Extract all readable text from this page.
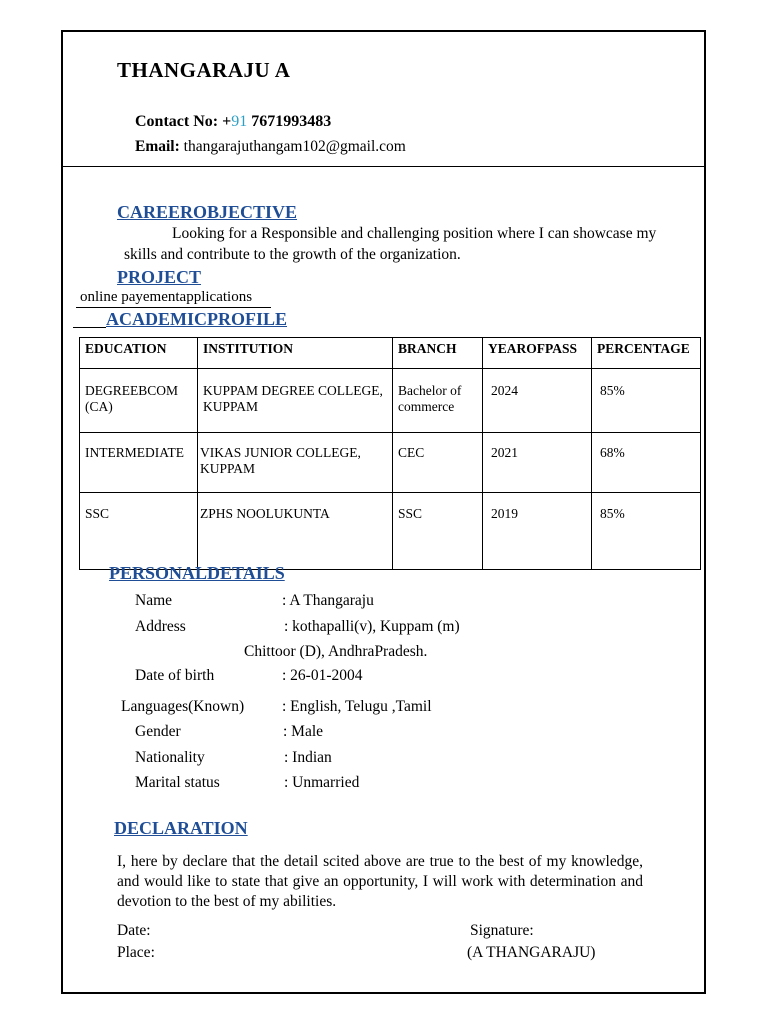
THANGARAJU A
Contact No: +91 7671993483
Email: thangarajuthangam102@gmail.com
CAREEROBJECTIVE
Looking for a Responsible and challenging position where I can showcase my skills and contribute to the growth of the organization.
PROJECT
online payementapplications
ACADEMICPROFILE
EDUCATION	INSTITUTION	BRANCH	YEAROFPASS	PERCENTAGE
DEGREEBCOM (CA)	KUPPAM DEGREE COLLEGE, KUPPAM	Bachelor of commerce	2024	85%
INTERMEDIATE	VIKAS JUNIOR COLLEGE, KUPPAM	CEC	2021	68%
SSC	ZPHS NOOLUKUNTA	SSC	2019	85%
PERSONALDETAILS
Name	: A Thangaraju
Address	: kothapalli(v), Kuppam (m)
Chittoor (D), AndhraPradesh.
Date of birth	: 26-01-2004
Languages(Known) : English, Telugu ,Tamil
Gender	: Male
Nationality	: Indian
Marital status	: Unmarried
DECLARATION
I, here by declare that the detail scited above are true to the best of my knowledge, and would like to state that give an opportunity, I will work with determination and devotion to the best of my abilities.
Date:
Place:
Signature:
(A THANGARAJU)
